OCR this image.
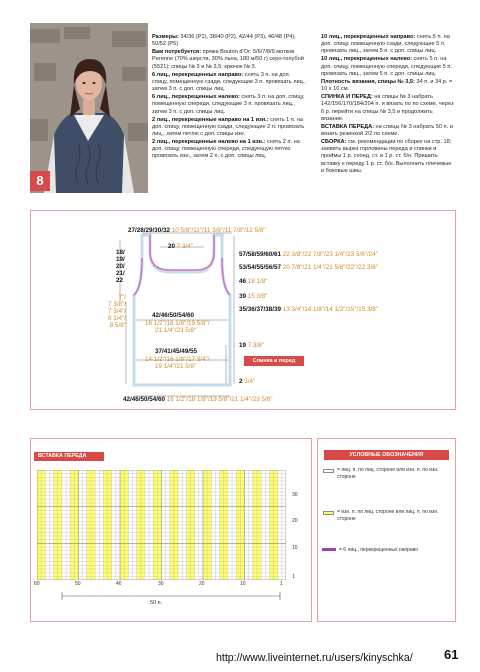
8

Размеры: 34/36 (P1), 38/40 (P2), 42/44 (P3), 46/48 (P4), 50/52 (P5)

Вам потребуется: пряжа Bouton d'Or: 5/6/7/8/9 мотков Perenne (70% шерсти, 30% льна, 180 м/50 г) серо-голубой (5521); спицы № 3 и № 3,5; крючок № 3.

6 лиц., перекрещенных направо: снять 3 п. на доп. спицу, помещенную сзади, следующие 3 п. провязать лиц., затем 3 п. с доп. спицы лиц.

6 лиц., перекрещенных налево: снять 3 п. на доп. спицу, помещенную спереди, следующие 3 п. провязать лиц., затем 3 п. с доп. спицы лиц.

2 лиц., перекрещенные направо на 1 изн.: снять 1 п. на доп. спицу, помещенную сзади, следующие 2 п. провязать лиц., затем петлю с доп. спицы изн.

2 лиц., перекрещенные налево на 1 изн.: снять 2 п. на доп. спицу, помещенную спереди, следующую петлю провязать изн., затем 2 п. с доп. спицы лиц.

10 лиц., перекрещенных направо: снять 5 п. на доп. спицу, помещенную сзади, следующие 5 п. провязать лиц., затем 5 п. с доп. спицы лиц.

10 лиц., перекрещенных налево: снять 5 п. на доп. спицу, помещенную спереди, следующие 5 п. провязать лиц., затем 5 п. с доп. спицы лиц.

Плотность вязания, спицы № 3,5: 34 п. и 34 р. = 10 х 10 см.

СПИНКА И ПЕРЕД: на спицы № 3 набрать 142/156/170/184/204 п. и вязать по по схеме, через 6 р. перейти на спицы № 3,5 и продолжить вязание.

ВСТАВКА ПЕРЕДА: на спицы № 3 набрать 50 п. и вязать резинкой 2/2 по схеме.

СБОРКА: см. рекомендации по сборке на стр. 18; заявить вырез горловины переда и спинки и проймы 1 р. сооед. ст. и 1 р. ст. б/н. Пришить вставку к переду 1 р. ст. б/н. Выполнить плечевые и боковые швы.

27/28/29/30/32 10 5/8"/11"/11 3/8"/11 7/8"/12 5/8"
20 7 3/4"
57/58/59/60/61 22 3/8"/22 7/8"/23 1/4"/23 5/8"/24"
53/54/55/56/57 20 7/8"/21 1/4"/21 5/8"/22"/22 3/8"
46 18 1/8"
39 15 3/8"
35/36/37/38/39 13 3/4"/14 1/8"/14 1/2"/15"/15 3/8"
19 7 3/8"
2 3/4"
18/
19/
20/
21/
22
7"/
7 3/8"/
7 3/4"/
8 1/4"/
8 5/8"
42/46/50/54/60
16 1/2"/18 1/8"/19 5/8"/
21 1/4"/23 5/8"
37/41/45/49/55
14 1/2"/16 1/8"/17 3/4"/
19 1/4"/21 5/8"
42/46/50/54/60 16 1/2"/18 1/8"/19 5/8"/21 1/4"/23 5/8"
Спинка и перед
ВСТАВКА ПЕРЕДА
30
20
10
1
60	50	40	30	20	10	1
50 п.
УСЛОВНЫЕ ОБОЗНАЧЕНИЯ
= лиц. п. по лиц. стороне или изн. п. по изн. стороне
= изн. п. по лиц. стороне или лиц. п. по изн. стороне
= 6 лиц., перекрещенных направо
http://www.liveinternet.ru/users/kinyschka/ 61
